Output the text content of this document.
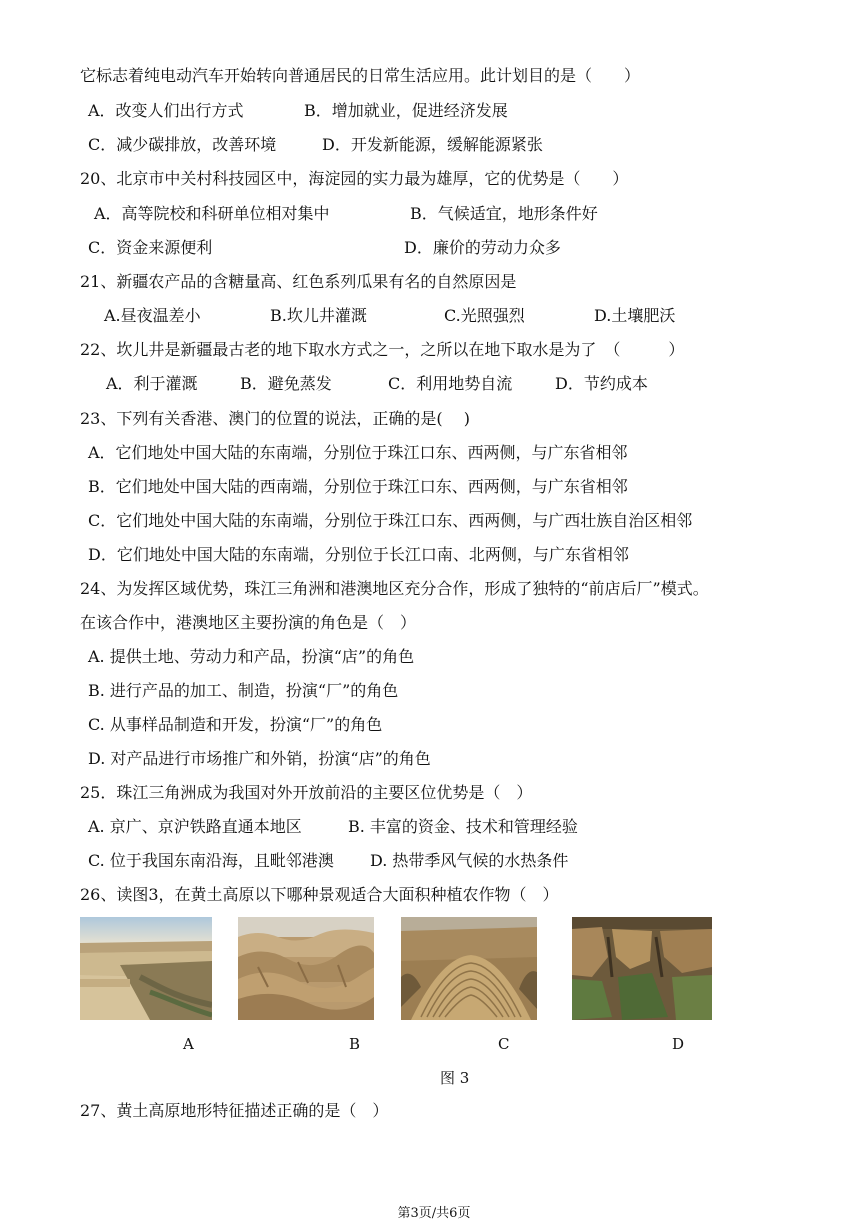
它标志着纯电动汽车开始转向普通居民的日常生活应用。此计划目的是（　　）
A．改变人们出行方式	B．增加就业，促进经济发展
C．减少碳排放，改善环境	D．开发新能源，缓解能源紧张
20、北京市中关村科技园区中，海淀园的实力最为雄厚，它的优势是（　　）
A．高等院校和科研单位相对集中	B．气候适宜，地形条件好
C．资金来源便利	D．廉价的劳动力众多
21、新疆农产品的含糖量高、红色系列瓜果有名的自然原因是
A.昼夜温差小	B.坎儿井灌溉	C.光照强烈	D.土壤肥沃
22、坎儿井是新疆最古老的地下取水方式之一，之所以在地下取水是为了　（　　　）
A．利于灌溉	B．避免蒸发	C．利用地势自流	D．节约成本
23、下列有关香港、澳门的位置的说法，正确的是(　 )
A．它们地处中国大陆的东南端，分别位于珠江口东、西两侧，与广东省相邻
B．它们地处中国大陆的西南端，分别位于珠江口东、西两侧，与广东省相邻
C．它们地处中国大陆的东南端，分别位于珠江口东、西两侧，与广西壮族自治区相邻
D．它们地处中国大陆的东南端，分别位于长江口南、北两侧，与广东省相邻
24、为发挥区域优势，珠江三角洲和港澳地区充分合作，形成了独特的“前店后厂”模式。
在该合作中，港澳地区主要扮演的角色是（　）
A. 提供土地、劳动力和产品，扮演“店”的角色
B. 进行产品的加工、制造，扮演“厂”的角色
C. 从事样品制造和开发，扮演“厂”的角色
D. 对产品进行市场推广和外销，扮演“店”的角色
25．珠江三角洲成为我国对外开放前沿的主要区位优势是（　）
A. 京广、京沪铁路直通本地区	B. 丰富的资金、技术和管理经验
C. 位于我国东南沿海，且毗邻港澳 D. 热带季风气候的水热条件
26、读图3，在黄土高原以下哪种景观适合大面积种植农作物（　）
A	B	C	D
图 3
27、黄土高原地形特征描述正确的是（　）
第3页/共6页
